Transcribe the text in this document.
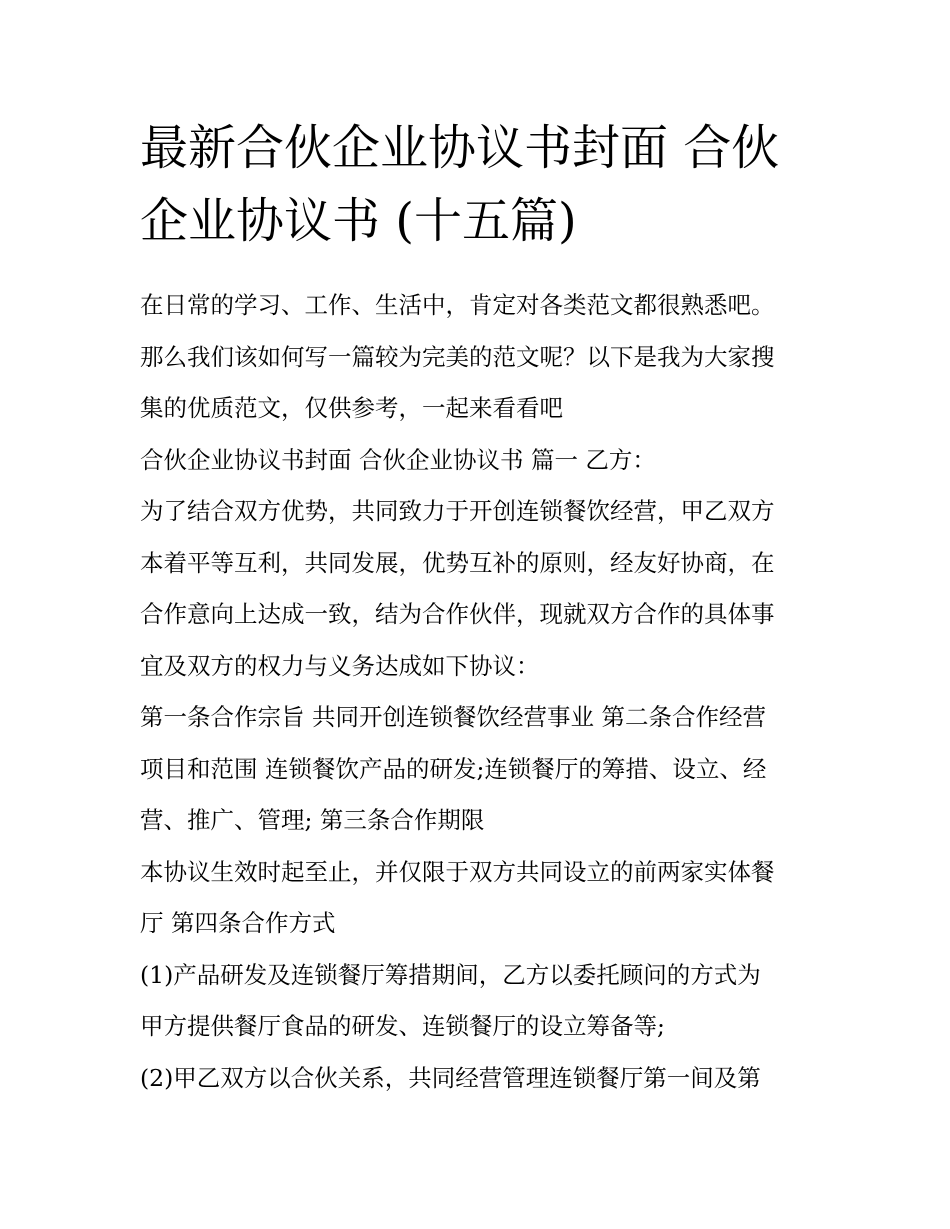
最新合伙企业协议书封面 合伙
企业协议书 (十五篇)
在日常的学习、工作、生活中，肯定对各类范文都很熟悉吧。
那么我们该如何写一篇较为完美的范文呢？以下是我为大家搜
集的优质范文，仅供参考，一起来看看吧
合伙企业协议书封面 合伙企业协议书 篇一 乙方：
为了结合双方优势，共同致力于开创连锁餐饮经营，甲乙双方
本着平等互利，共同发展，优势互补的原则，经友好协商，在
合作意向上达成一致，结为合作伙伴，现就双方合作的具体事
宜及双方的权力与义务达成如下协议：
第一条合作宗旨 共同开创连锁餐饮经营事业 第二条合作经营
项目和范围 连锁餐饮产品的研发;连锁餐厅的筹措、设立、经
营、推广、管理; 第三条合作期限
本协议生效时起至止，并仅限于双方共同设立的前两家实体餐
厅 第四条合作方式
(1)产品研发及连锁餐厅筹措期间，乙方以委托顾问的方式为
甲方提供餐厅食品的研发、连锁餐厅的设立筹备等;
(2)甲乙双方以合伙关系，共同经营管理连锁餐厅第一间及第
